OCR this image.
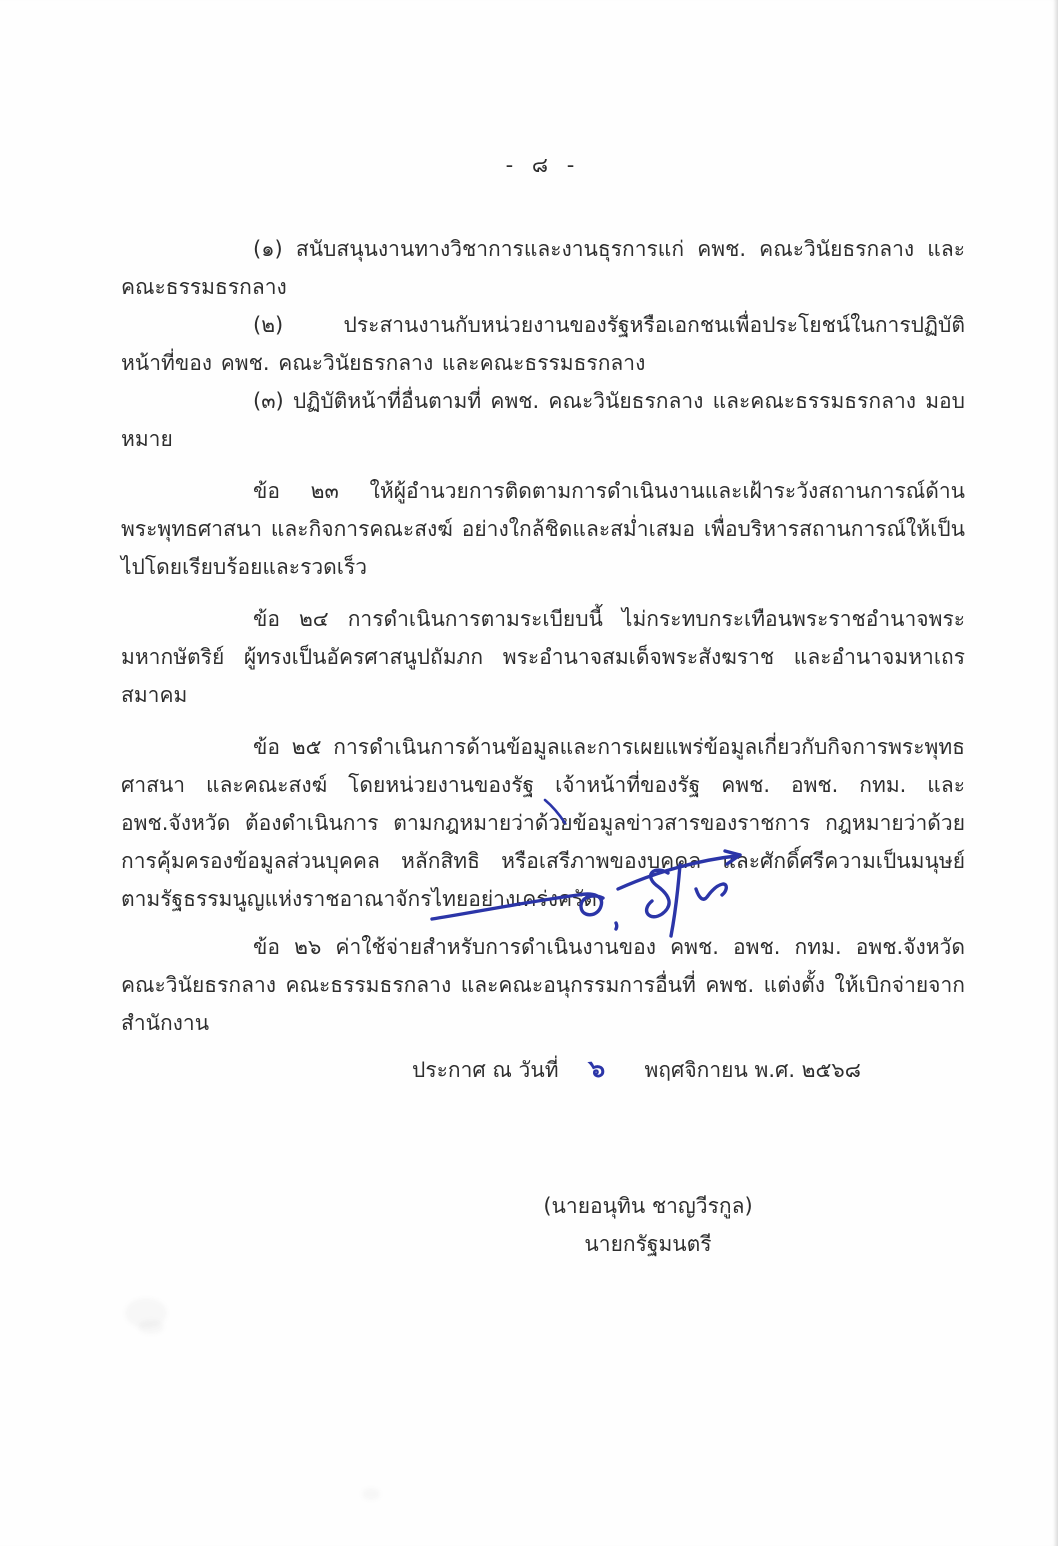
- ๘ -

(๑) สนับสนุนงานทางวิชาการและงานธุรการแก่ คพช. คณะวินัยธรกลาง และคณะธรรมธรกลาง

(๒) ประสานงานกับหน่วยงานของรัฐหรือเอกชนเพื่อประโยชน์ในการปฏิบัติหน้าที่ของ คพช. คณะวินัยธรกลาง และคณะธรรมธรกลาง

(๓) ปฏิบัติหน้าที่อื่นตามที่ คพช. คณะวินัยธรกลาง และคณะธรรมธรกลาง มอบหมาย

ข้อ ๒๓ ให้ผู้อำนวยการติดตามการดำเนินงานและเฝ้าระวังสถานการณ์ด้านพระพุทธศาสนา และกิจการคณะสงฆ์ อย่างใกล้ชิดและสม่ำเสมอ เพื่อบริหารสถานการณ์ให้เป็นไปโดยเรียบร้อยและรวดเร็ว

ข้อ ๒๔ การดำเนินการตามระเบียบนี้ ไม่กระทบกระเทือนพระราชอำนาจพระมหากษัตริย์ ผู้ทรงเป็นอัครศาสนูปถัมภก พระอำนาจสมเด็จพระสังฆราช และอำนาจมหาเถรสมาคม

ข้อ ๒๕ การดำเนินการด้านข้อมูลและการเผยแพร่ข้อมูลเกี่ยวกับกิจการพระพุทธศาสนา และคณะสงฆ์ โดยหน่วยงานของรัฐ เจ้าหน้าที่ของรัฐ คพช. อพช. กทม. และ อพช.จังหวัด ต้องดำเนินการ ตามกฎหมายว่าด้วยข้อมูลข่าวสารของราชการ กฎหมายว่าด้วยการคุ้มครองข้อมูลส่วนบุคคล หลักสิทธิ หรือเสรีภาพของบุคคล และศักดิ์ศรีความเป็นมนุษย์ ตามรัฐธรรมนูญแห่งราชอาณาจักรไทยอย่างเคร่งครัด

ข้อ ๒๖ ค่าใช้จ่ายสำหรับการดำเนินงานของ คพช. อพช. กทม. อพช.จังหวัด คณะวินัยธรกลาง คณะธรรมธรกลาง และคณะอนุกรรมการอื่นที่ คพช. แต่งตั้ง ให้เบิกจ่ายจากสำนักงาน

ประกาศ ณ วันที่ ๖ พฤศจิกายน พ.ศ. ๒๕๖๘
(นายอนุทิน ชาญวีรกูล)
นายกรัฐมนตรี
